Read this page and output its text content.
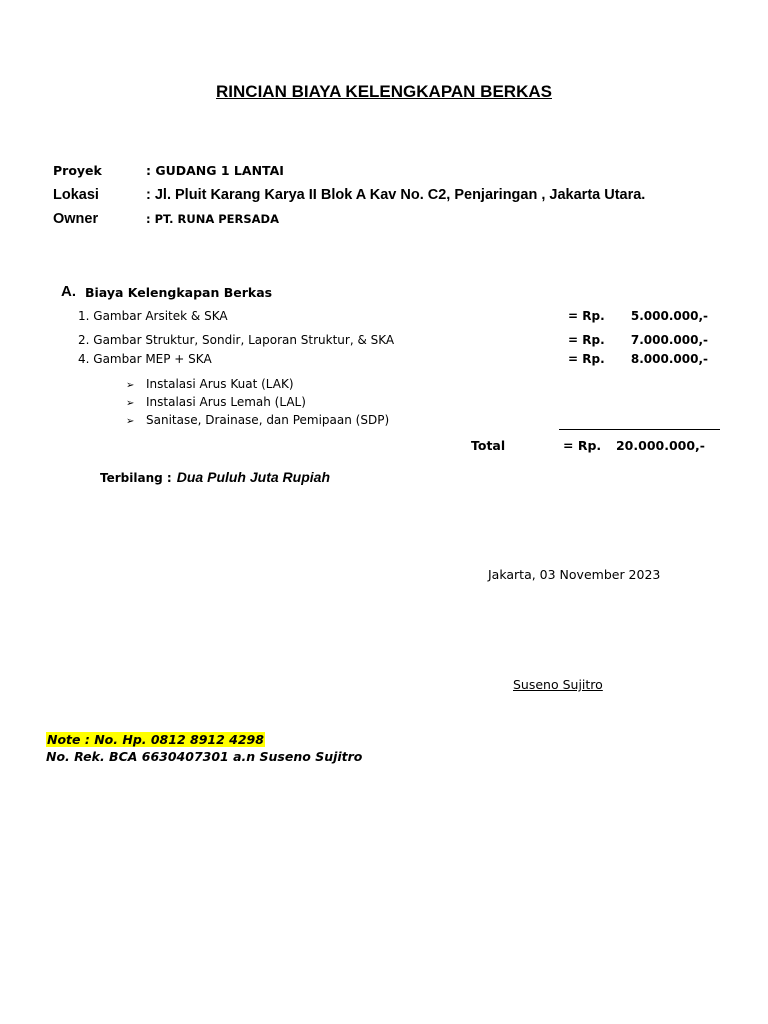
RINCIAN BIAYA KELENGKAPAN BERKAS
Proyek	: GUDANG 1 LANTAI
Lokasi	: Jl. Pluit Karang Karya II Blok A Kav No. C2, Penjaringan , Jakarta Utara.
Owner	: PT. RUNA PERSADA
A. Biaya Kelengkapan Berkas
1. Gambar Arsitek & SKA	= Rp.	5.000.000,-
2. Gambar Struktur, Sondir, Laporan Struktur, & SKA	= Rp.	7.000.000,-
4. Gambar MEP + SKA	= Rp.	8.000.000,-
➢ Instalasi Arus Kuat (LAK)
➢ Instalasi Arus Lemah (LAL)
➢ Sanitase, Drainase, dan Pemipaan (SDP)
Total	= Rp.	20.000.000,-
Terbilang : Dua Puluh Juta Rupiah
Jakarta, 03 November 2023
Suseno Sujitro
Note : No. Hp. 0812 8912 4298
No. Rek. BCA 6630407301 a.n Suseno Sujitro
